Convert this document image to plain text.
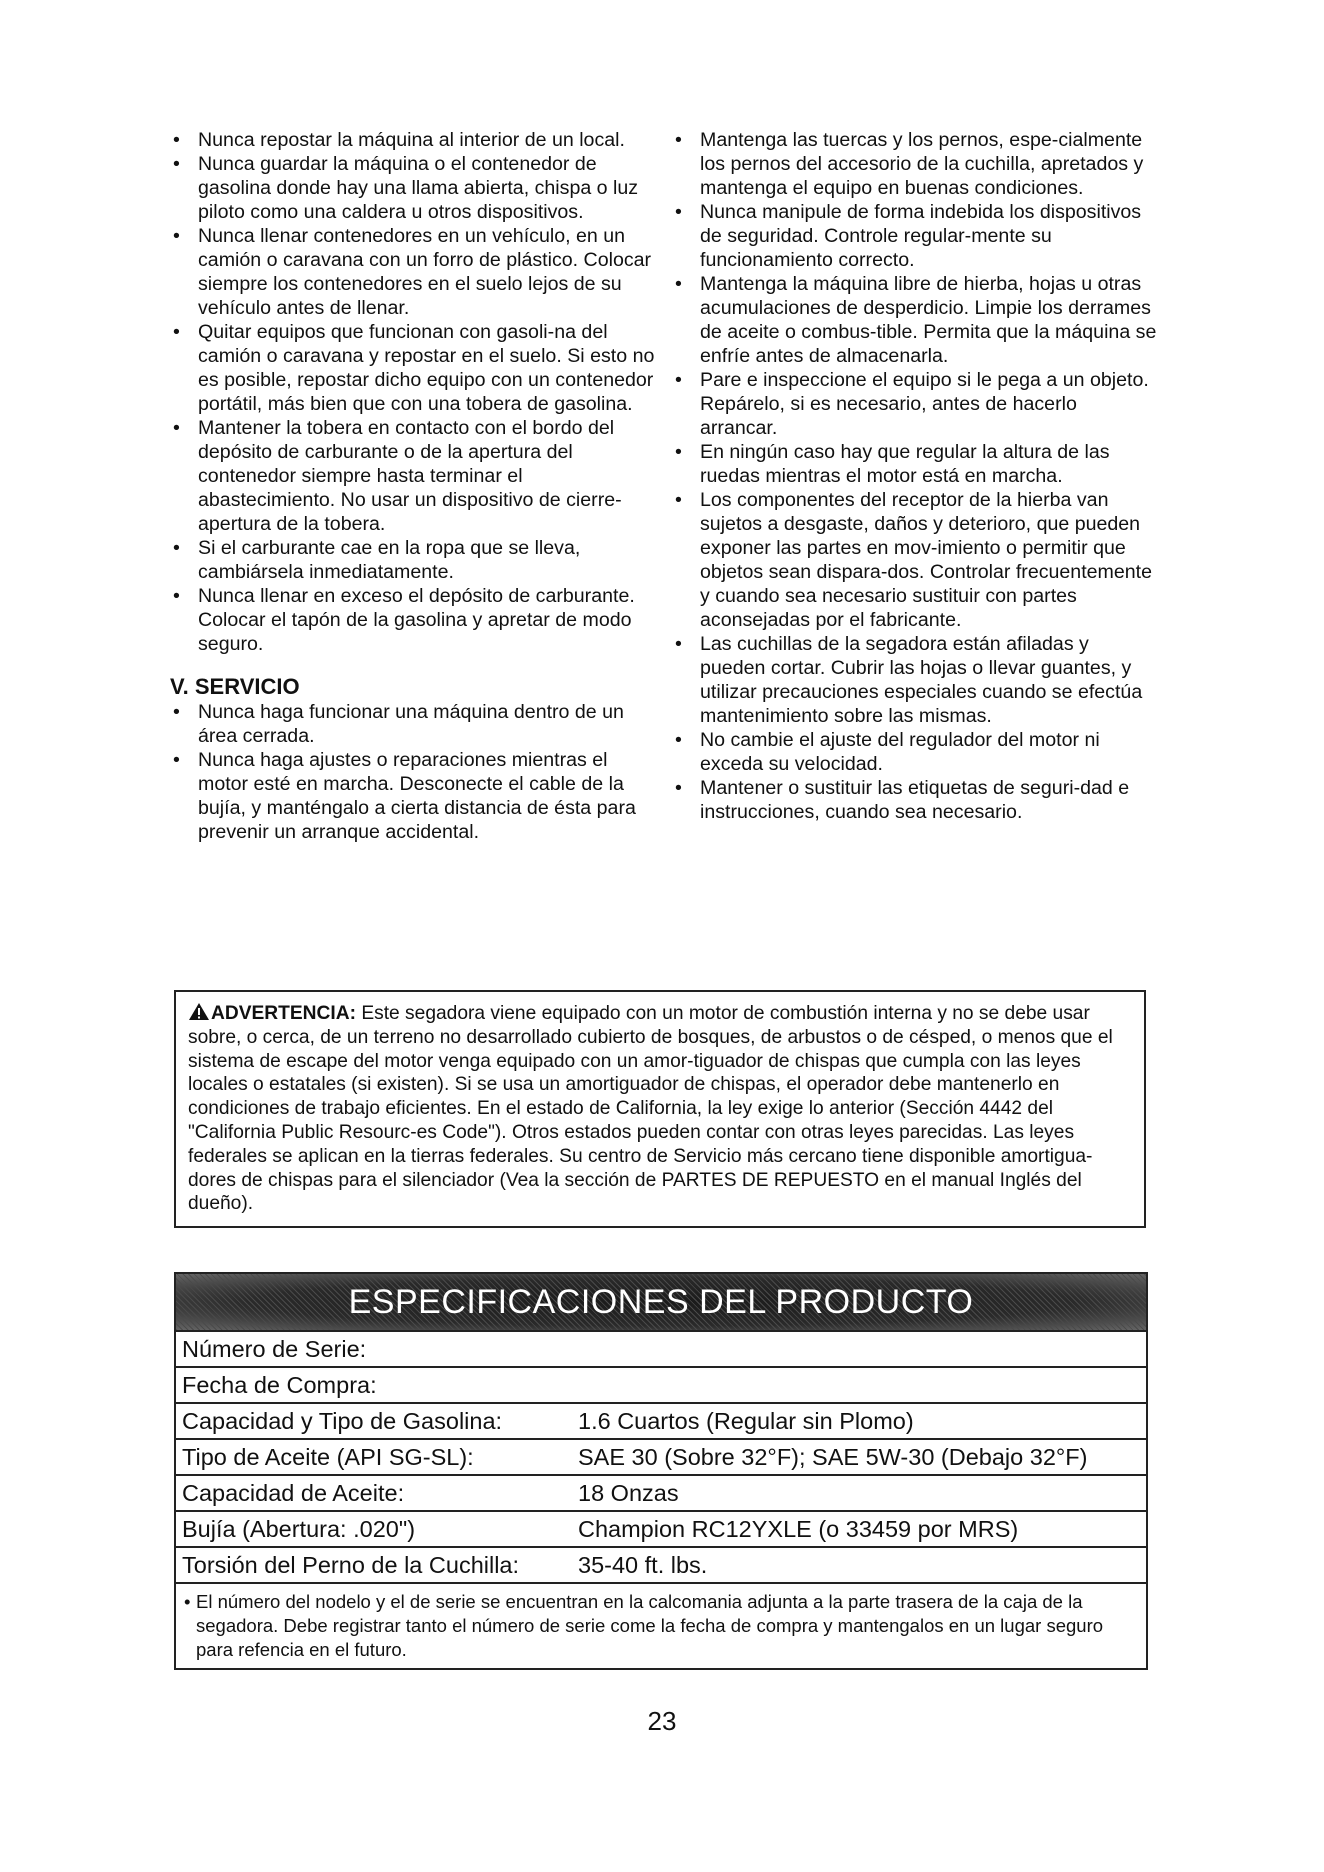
• Nunca repostar la máquina al interior de un local.
• Nunca guardar la máquina o el contenedor de gasolina donde hay una llama abierta, chispa o luz piloto como una caldera u otros dispositivos.
• Nunca llenar contenedores en un vehículo, en un camión o caravana con un forro de plástico. Colocar siempre los contenedores en el suelo lejos de su vehículo antes de llenar.
• Quitar equipos que funcionan con gasoli-na del camión o caravana y repostar en el suelo. Si esto no es posible, repostar dicho equipo con un contenedor portátil, más bien que con una tobera de gasolina.
• Mantener la tobera en contacto con el bordo del depósito de carburante o de la apertura del contenedor siempre hasta terminar el abastecimiento. No usar un dispositivo de cierre-apertura de la tobera.
• Si el carburante cae en la ropa que se lleva, cambiársela inmediatamente.
• Nunca llenar en exceso el depósito de carburante. Colocar el tapón de la gasolina y apretar de modo seguro.
V. SERVICIO
• Nunca haga funcionar una máquina dentro de un área cerrada.
• Nunca haga ajustes o reparaciones mientras el motor esté en marcha. Desconecte el cable de la bujía, y manténgalo a cierta distancia de ésta para prevenir un arranque accidental.
• Mantenga las tuercas y los pernos, espe-cialmente los pernos del accesorio de la cuchilla, apretados y mantenga el equipo en buenas condiciones.
• Nunca manipule de forma indebida los dispositivos de seguridad. Controle regular-mente su funcionamiento correcto.
• Mantenga la máquina libre de hierba, hojas u otras acumulaciones de desperdicio. Limpie los derrames de aceite o combus-tible. Permita que la máquina se enfríe antes de almacenarla.
• Pare e inspeccione el equipo si le pega a un objeto. Repárelo, si es necesario, antes de hacerlo arrancar.
• En ningún caso hay que regular la altura de las ruedas mientras el motor está en marcha.
• Los componentes del receptor de la hierba van sujetos a desgaste, daños y deterioro, que pueden exponer las partes en mov-imiento o permitir que objetos sean dispara-dos. Controlar frecuentemente y cuando sea necesario sustituir con partes aconsejadas por el fabricante.
• Las cuchillas de la segadora están afiladas y pueden cortar. Cubrir las hojas o llevar guantes, y utilizar precauciones especiales cuando se efectúa mantenimiento sobre las mismas.
• No cambie el ajuste del regulador del motor ni exceda su velocidad.
• Mantener o sustituir las etiquetas de seguri-dad e instrucciones, cuando sea necesario.
ADVERTENCIA: Este segadora viene equipado con un motor de combustión interna y no se debe usar sobre, o cerca, de un terreno no desarrollado cubierto de bosques, de arbustos o de césped, o menos que el sistema de escape del motor venga equipado con un amor-tiguador de chispas que cumpla con las leyes locales o estatales (si existen). Si se usa un amortiguador de chispas, el operador debe mantenerlo en condiciones de trabajo eficientes. En el estado de California, la ley exige lo anterior (Sección 4442 del "California Public Resourc-es Code"). Otros estados pueden contar con otras leyes parecidas. Las leyes federales se aplican en la tierras federales. Su centro de Servicio más cercano tiene disponible amortigua-dores de chispas para el silenciador (Vea la sección de PARTES DE REPUESTO en el manual Inglés del dueño).
ESPECIFICACIONES DEL PRODUCTO
Número de Serie:
Fecha de Compra:
Capacidad y Tipo de Gasolina:	1.6 Cuartos (Regular sin Plomo)
Tipo de Aceite (API SG-SL):	SAE 30 (Sobre 32°F); SAE 5W-30 (Debajo 32°F)
Capacidad de Aceite:	18 Onzas
Bujía (Abertura: .020")	Champion RC12YXLE (o 33459 por MRS)
Torsión del Perno de la Cuchilla:	35-40 ft. lbs.
• El número del nodelo y el de serie se encuentran en la calcomania adjunta a la parte trasera de la caja de la segadora. Debe registrar tanto el número de serie come la fecha de compra y mantengalos en un lugar seguro para refencia en el futuro.
23
